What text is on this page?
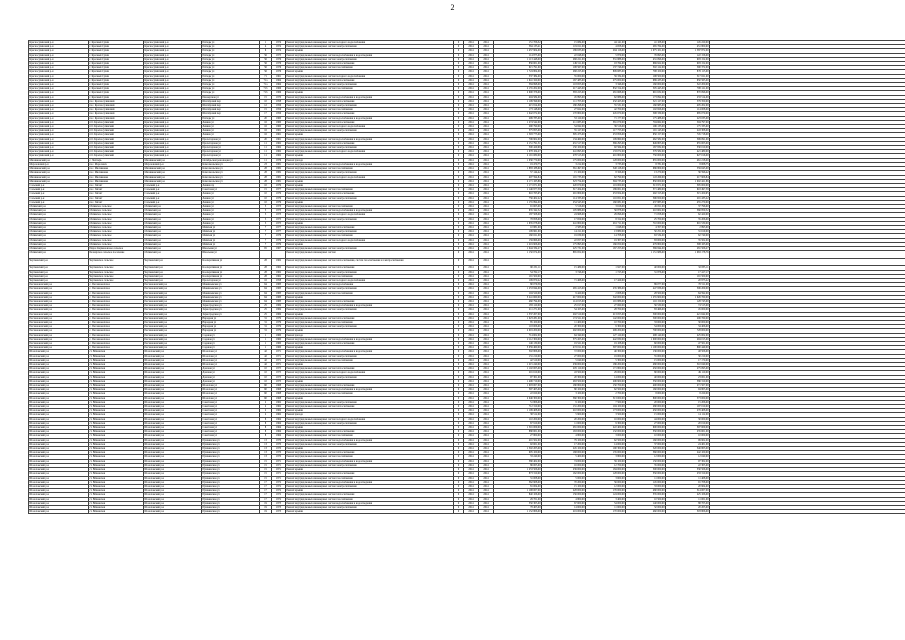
2
Красносулинский р-н	г. Красный Сулин	Красносулинский р-н	Победы ул	1	1974	Ремонт внутридомовых инженерных систем холодного водоснабжения	0	2014	2014	151 706,32	15 084,00	44 141,00	41 108,00	145 220,00	
Красносулинский р-н	г. Красный Сулин	Красносулинский р-н	Победы ул	4	1974	Ремонт внутридомовых инженерных систем электроснабжения	0	2014	2014	364 133,41	119 611,00	4 658,00	265 764,00	451 800,00	
Красносулинский р-н	г. Красный Сулин	Красносулинский р-н	Победы ул	6	1974	Ремонт крыши	0	2014	2014	1 457 904,00	189 633,00	264 116,00	1 075 101,00	1 587 872,00	
Красносулинский р-н	г. Красный Сулин	Красносулинский р-н	Победы ул	56	1975	Ремонт внутридомовых инженерных систем водоснабжения и водоотведения	0	2014	2014	114 875,00	22 048,00	5 879,00	76 693,00	122 156,00	
Красносулинский р-н	г. Красный Сулин	Красносулинский р-н	Победы ул	56	1976	Ремонт внутридомовых инженерных систем электроснабжения	0	2014	2014	1 113 448,00	268 221,00	331 888,00	431 096,00	903 152,00	
Красносулинский р-н	г. Красный Сулин	Красносулинский р-н	Победы ул	56	1976	Ремонт внутридомовых инженерных систем теплоснабжения	0	2014	2014	856 601,00	149 511,00	18 764,00	669 922,00	903 152,00	
Красносулинский р-н	г. Красный Сулин	Красносулинский р-н	Победы ул	56	1976	Ремонт внутридомовых инженерных систем газоснабжения	0	2014	2014	615 791,00	108 567,00	137 746,00	302 122,00	590 372,00	
Красносулинский р-н	г. Красный Сулин	Красносулинский р-н	Победы ул	56	1976	Ремонт крыши	0	2014	2014	1 724 804,00	268 225,00	809 683,00	798 100,00	876 115,00	
Красносулинский р-н	г. Красный Сулин	Красносулинский р-н	Победы ул	71	1961	Ремонт внутридомовых инженерных систем холодного водоснабжения	0	2014	2014	337 384,00	55 000,00	59 334,00	198 500,00	317 021,00	
Красносулинский р-н	г. Красный Сулин	Красносулинский р-н	Победы ул	71а	1964	Ремонт внутридомовых инженерных систем теплоснабжения	0	2014	2014	1 941 320,00	167 483,00	275 000,00	989 433,00	650 565,00	
Красносулинский р-н	г. Красный Сулин	Красносулинский р-н	Победы ул	71а	1964	Ремонт внутридомовых инженерных систем электроснабжения	0	2014	2014	384 998,00	118 653,00	3 346,00	160 000,00	322 200,00	
Красносулинский р-н	г. Красный Сулин	Красносулинский р-н	Победы ул	71б	1966	Ремонт внутридомовых инженерных систем газоснабжения	0	2014	2014	2 155 202,00	217 443,00	832 314,00	305 445,00	708 121,00	
Красносулинский р-н	г. Красный Сулин	Красносулинский р-н	Победы ул	71б	1966	Ремонт крыши	0	2014	2014	2 900 376,00	383 223,00	281 668,00	991 632,00	870 096,00	
Красносулинский р-н	г. Красный Сулин	Красносулинский р-н	Пионерская ул	15	1970	Ремонт внутридомовых инженерных систем водоснабжения и водоотведения	0	2014	2014	404 584,00	45 893,00	62 886,00	173 092,00	233 514,00	
Красносулинский р-н	пос. Красносулинский	Красносулинский р-н	Шахтёрский пер	10	1958	Ремонт внутридомовых инженерных систем теплоснабжения	0	2014	2014	1 109 599,00	111 703,00	232 423,00	521 127,00	579 350,00	
Красносулинский р-н	пос. Красносулинский	Красносулинский р-н	Шахтёрский пер	12	1956	Ремонт внутридомовых инженерных систем электроснабжения	0	2014	2014	415 814,00	180 298,00	55 531,00	160 985,00	405 202,00	
Красносулинский р-н	пос. Красносулинский	Красносулинский р-н	Шахтёрский пер	15	1956	Ремонт внутридомовых инженерных систем газоснабжения	0	2014	2014	173 148,00	27 622,00	42 700,00	102 826,00	114 008,00	
Красносулинский р-н	пос. Красносулинский	Красносулинский р-н	Шахтёрский пер	17	1956	Ремонт внутридомовых инженерных систем теплоснабжения	0	2014	2014	1 042 072,00	170 800,00	245 670,00	598 339,00	685 070,00	
Красносулинский р-н	пос. Красносулинский	Красносулинский р-н	Победы ул	20	1960	Ремонт внутридомовых инженерных систем водоснабжения и водоотведения	0	2014	2014	299 785,00	53 120,00	71 177,00	175 488,00	223 035,00	
Красносулинский р-н	пгт. Красносулинский	Красносулинский р-н	Ленина ул	16	1960	Ремонт внутридомовых инженерных систем теплоснабжения	0	2014	2014	1 274 542,00	211 085,00	381 079,00	704 662,00	504 797,00	
Красносулинский р-н	пгт. Красносулинский	Красносулинский р-н	Ленина ул	16	1960	Ремонт внутридомовых инженерных систем холодного водоснабжения	0	2014	2014	290 790,00	54 842,00	39 516,00	196 133,00	175 335,00	
Красносулинский р-н	пгт. Красносулинский	Красносулинский р-н	Ленина ул	16	1961	Ремонт внутридомовых инженерных систем электроснабжения	0	2014	2014	375 855,00	55 127,00	117 753,00	191 143,00	243 308,00	
Красносулинский р-н	пгт. Красносулинский	Красносулинский р-н	Ленина ул	16	1961	Ремонт крыши	0	2014	2014	1 593 773,00	395 473,00	253 856,00	950 157,00	745 718,00	
Красносулинский р-н	пгт. Красносулинский	Красносулинский р-н	Пролетарская ул	20	1961	Ремонт внутридомовых инженерных систем водоснабжения и водоотведения	0	2014	2014	706 902,00	134 460,00	109 860,00	462 582,00	399 091,00	
Красносулинский р-н	пгт. Красносулинский	Красносулинский р-н	Пролетарская ул	11	1962	Ремонт внутридомовых инженерных систем теплоснабжения	0	2014	2014	2 151 791,51	431 517,00	369 293,00	649 803,00	955 003,00	
Красносулинский р-н	пгт. Красносулинский	Красносулинский р-н	Пролетарская ул	11	1962	Ремонт внутридомовых инженерных систем электроснабжения	0	2014	2014	500 429,99	150 100,00	92 564,00	167 832,00	330 010,00	
Красносулинский р-н	пгт. Красносулинский	Красносулинский р-н	Пролетарская ул	11	1962	Ремонт внутридомовых инженерных систем холодного водоснабжения	0	2014	2014	1 078 104,27	241 695,00	133 072,00	579 582,00	421 480,00	
Красносулинский р-н	пгт. Красносулинский	Красносулинский р-н	Пролетарская ул	11	1962	Ремонт крыши	0	2014	2014	2 191 080,00	278 513,00	401 800,00	750 000,00	927 016,00	
Мясниковский р-н	с. Чалтырь	Мясниковский р-н	Октябрьской революции ул	11	1976	Ремонт фасада	0	2014	2014	1 030 770,00	175 000,00	128 000,00	655 000,00	461 218,00	
Морозовский р-н	пос. Морозовск	Морозовский р-н	Комсомольская ул	23	1981	Ремонт внутридомовых инженерных систем водоснабжения и водоотведения	0	2014	2014	19 470,75	3 212,00	3 733,00	8 781,00	8 008,75	
Мясниковский р-н	пос. Мясниковка	Мясниковский р-н	Комсомольская ул	28	1982	Ремонт внутридомовых инженерных систем газоснабжения	0	2014	2014	1 883 188,60	361 497,00	348 128,00	686 809,00	559 645,00	
Мясниковский р-н	пос. Мясниковка	Мясниковский р-н	Комсомольская ул	28	1982	Ремонт внутридомовых инженерных систем электроснабжения	0	2014	2014	57 144,42	15 100,00	8 326,00	13 270,00	36 596,42	
Мясниковский р-н	пос. Мясниковка	Мясниковский р-н	Комсомольская ул	28	1981	Ремонт внутридомовых инженерных систем холодного водоснабжения	0	2014	2014	407 594,84	101 735,00	62 790,00	143 269,00	217 906,84	
Мясниковский р-н	пос. Мясниковка	Мясниковский р-н	Комсомольская ул	28	1981	Ремонт крыши	0	2014	2014	2 171 163,86	323 754,00	394 735,00	850 000,00	1 002 421,86	
Сальский р-н	пос. Гигант	Сальский р-н	Ленина пр	10	1979	Ремонт крыши	0	2014	2014	1 171 671,00	220 670,00	119 000,00	513 971,00	395 000,00	
Сальский р-н	пос. Гигант	Сальский р-н	Советская ул	15	1977	Ремонт внутридомовых инженерных систем газоснабжения	0	2014	2014	1 146 977,58	317 454,00	189 001,00	371 480,00	618 497,58	
Сальский р-н	пос. Гигант	Сальский р-н	Ленина ул	10	1979	Ремонт внутридомовых инженерных систем теплоснабжения	0	2014	2014	616 763,95	291 809,00	253 954,00	292 313,00	315 450,95	
Сальский р-н	пос. Гигант	Сальский р-н	Ленина ул	10	1979	Ремонт внутридомовых инженерных систем электроснабжения	0	2014	2014	756 402,22	114 333,00	116 651,00	396 950,00	201 433,22	
Сальский р-н	пос. Гигант	Сальский р-н	Ленина ул	10	1979	Ремонт крыши	0	2014	2014	1 155 894,00	254 543,00	160 081,00	437 883,00	455 270,00	
Обливский р-н	Обливское сельское	Обливский р-н	Ленина ул	5	1973	Ремонт внутридомовых инженерных систем газоснабжения	0	2014	2014	91 603,00	5 516,00	3 616,00	45 811,00	37 796,00	
Обливский р-н	Обливское сельское	Обливский р-н	Ленина ул	5	1973	Ремонт внутридомовых инженерных систем водоснабжения и водоотведения	0	2014	2014	635 342,52	105 886,00	56 878,00	210 602,00	366 859,52	
Обливский р-н	Обливское сельское	Обливский р-н	Ленина ул	5	1973	Ремонт внутридомовых инженерных систем холодного водоснабжения	0	2014	2014	187 508,00	24 968,00	29 096,00	71 058,00	62 420,00	
Обливский р-н	Обливское сельское	Обливский р-н	Ленина ул	5	1975	Ремонт внутридомовых инженерных систем электроснабжения	0	2014	2014	78 858,00	17 659,00	8 312,00	25 700,00	35 206,00	
Обливский р-н	Обливское сельское	Обливский р-н	Ленина ул	5	1975	Ремонт крыши	0	2014	2014	1 635 078,00	241 800,00	261 711,00	710 000,00	601 530,00	
Обливский р-н	Обливское сельское	Обливский р-н	Майская ул	7	1977	Ремонт внутридомовых инженерных систем теплоснабжения	0	2014	2014	10 881,00	2 583,00	1 048,00	4 357,00	2 893,00	
Обливский р-н	Обливское сельское	Обливский р-н	Майская ул	7	1977	Ремонт внутридомовых инженерных систем электроснабжения	0	2014	2014	109 961,00	14 211,00	13 880,00	50 251,00	31 619,00	
Обливский р-н	Обливское сельское	Обливский р-н	Майская ул	7	1979	Ремонт внутридомовых инженерных систем газоснабжения	0	2014	2014	160 021,00	19 039,00	14 708,00	63 534,00	62 740,00	
Обливский р-н	Обливское сельское	Обливский р-н	Майская ул	7	1979	Ремонт внутридомовых инженерных систем холодного водоснабжения	0	2014	2014	159 866,00	22 057,00	19 307,00	83 000,00	35 502,00	
Обливский р-н	Обливское сельское	Обливский р-н	Майская ул	7	1979	Ремонт крыши	0	2014	2014	1 219 906,00	175 893,00	166 050,00	479 800,00	398 163,00	
Обливский р-н	Пирог-Кармановское сельское	Обливский р-н	Школьная ул	65	1967	Ремонт внутридомовых инженерных систем электроснабжения	0	2014	2014	1 044 334,27	225 731,00	167 253,00	369 844,00	281 506,27	
Обливский р-н	Белоярское сельское поселение	Обливский р-н	Школьная ул			Ремонт внутридомовых инженерных систем	0	2014	2014	1 150 674,00	865 652,00		1 151 986,00	1 063 178,76	
Чертковский р-н	Чертковское сельское	Чертковский р-н	Кооперативная ул	28	1962	Ремонт внутридомовых инженерных систем теплоснабжения, систем газоснабжения и электроснабжения	0	2014	2014						
Чертковский р-н	Чертковское сельское	Чертковский р-н	Кооперативная ул	28	1962	Ремонт внутридомовых инженерных систем теплоснабжения	0	2014	2014	90 251,11	15 489,00	1 927,00	40 000,00	32 835,11	
Чертковский р-н	Чертковское сельское	Чертковский р-н	Кооперативная ул	28	1962	Ремонт внутридомовых инженерных систем электроснабжения	0	2014	2014	54 762,17	3 746,00	1 723,00	31 876,00	17 417,17	
Чертковский р-н	Чертковское сельское	Чертковский р-н	Кооперативная ул	28	1962	Ремонт внутридомовых инженерных систем газоснабжения	0	2014	2014	191 500,00				191 500,00	
Чертковский р-н	Чертковское сельское	Чертковский р-н	Пролетарская ул	16	1958	Ремонт внутридомовых инженерных систем холодного водоснабжения	0	2014	2014	109 870,22	71 468,00	17 429,00		20 973,22	
Песчанокопский р-н	с. Песчанокопское	Песчанокопский р-н	Мокинаевская ул	64	1983	Ремонт внутридомовых инженерных систем водоснабжения	0	2014	2014	80 079,56			89 077,00	76 511,00	
Песчанокопский р-н	с. Песчанокопское	Песчанокопский р-н	Мокинаевская ул	64	1983	Ремонт внутридомовых инженерных систем электроснабжения	0	2014	2014	1 253 844,00	265 413,00	235 386,00	447 836,00	306 209,00	
Песчанокопский р-н	с. Песчанокопское	Песчанокопский р-н	Мокинаевская ул	64	1983	Ремонт внутридомовых инженерных систем газоснабжения	0	2014	2014	104 520,00	9 420,00	2 008,00	28 500,00	64 592,00	
Песчанокопский р-н	с. Песчанокопское	Песчанокопский р-н	Мокинаевская ул	64	1983	Ремонт крыши	0	2014	2014	3 241 660,00	417 000,00	542 000,00	1 255 900,00	1 026 760,00	
Песчанокопский р-н	с. Песчанокопское	Песчанокопский р-н	Мокинаевская ул	64	1983	Ремонт внутридомовых инженерных систем теплоснабжения	0	2014	2014	460 794,00	114 015,00	101 886,00	116 150,00	128 743,00	
Песчанокопский р-н	с. Песчанокопское	Песчанокопский р-н	Зерноградская ул	25	1984	Ремонт внутридомовых инженерных систем водоснабжения и водоотведения	0	2014	2014	183 120,00	25 017,00	27 060,00	56 530,00	74 513,00	
Песчанокопский р-н	с. Песчанокопское	Песчанокопский р-н	Зерноградская ул	25	1984	Ремонт внутридомовых инженерных систем электроснабжения	0	2014	2014	211 271,00	54 105,00	28 700,00	83 466,00	45 000,00	
Песчанокопский р-н	с. Песчанокопское	Песчанокопский р-н	Зерноградская ул	25	1984	Ремонт крыши	0	2014	2014	1 337 207,00	202 510,00	213 055,00	500 000,00	421 642,00	
Песчанокопский р-н	с. Песчанокопское	Песчанокопский р-н	Народная ул	31	1979	Ремонт внутридомовых инженерных систем теплоснабжения	0	2014	2014	1 023 281,00	174 521,00	142 000,00	500 000,00	206 760,00	
Песчанокопский р-н	с. Песчанокопское	Песчанокопский р-н	Народная ул	31	1979	Ремонт внутридомовых инженерных систем газоснабжения	0	2014	2014	85 100,00	11 400,00	10 700,00	33 000,00	30 000,00	
Песчанокопский р-н	с. Песчанокопское	Песчанокопский р-н	Народная ул	31	1979	Ремонт внутридомовых инженерных систем электроснабжения	0	2014	2014	118 006,00	20 300,00	9 300,00	54 000,00	34 406,00	
Песчанокопский р-н	с. Песчанокопское	Песчанокопский р-н	Народная ул	31	1979	Ремонт крыши	0	2014	2014	2 019 200,00	292 000,00	299 200,00	700 000,00	728 000,00	
Песчанокопский р-н	с. Песчанокопское	Песчанокопский р-н	Садовая ул	1	1960	Ремонт фасада	0	2014	2014	714 602,00	64 340,00	127 120,00	298 140,00	225 002,00	
Песчанокопский р-н	с. Песчанокопское	Песчанокопский р-н	Садовая ул	1	1960	Ремонт внутридомовых инженерных систем водоснабжения и водоотведения	0	2014	2014	2 112 300,00	375 455,00	442 830,00	1 000 000,00	294 015,00	
Песчанокопский р-н	с. Песчанокопское	Песчанокопский р-н	Садовая ул	1	1960	Ремонт внутридомовых инженерных систем теплоснабжения	0	2014	2014	146 130,00	19 521,00	19 108,00	60 000,00	47 501,00	
Песчанокопский р-н	с. Песчанокопское	Песчанокопский р-н	Садовая ул	1	1960	Ремонт крыши	0	2014	2014	3 059 460,00	472 011,00	597 000,00	1 100 000,00	890 449,00	
Шолоховский р-н	ст. Вёшенская	Шолоховский р-н	Шолохова ул	42	1971	Ремонт внутридомовых инженерных систем водоснабжения и водоотведения	0	2014	2014	302 806,00	72 000,00	46 300,00	136 000,00	48 506,00	
Шолоховский р-н	ст. Вёшенская	Шолоховский р-н	Шолохова ул	42	1971	Ремонт внутридомовых инженерных систем электроснабжения	0	2014	2014	131 210,00	27 000,00	19 000,00	55 000,00	30 210,00	
Шолоховский р-н	ст. Вёшенская	Шолоховский р-н	Шолохова ул	42	1971	Ремонт внутридомовых инженерных систем газоснабжения	0	2014	2014	42 510,00	5 040,00	5 300,00	15 000,00	17 170,00	
Шолоховский р-н	ст. Вёшенская	Шолоховский р-н	Шолохова ул	42	1971	Ремонт крыши	0	2014	2014	1 215 240,00	239 000,00	186 200,00	480 000,00	310 040,00	
Шолоховский р-н	ст. Вёшенская	Шолоховский р-н	Донская ул	10	1975	Ремонт внутридомовых инженерных систем теплоснабжения	0	2014	2014	1 102 005,00	205 110,00	171 800,00	450 000,00	275 095,00	
Шолоховский р-н	ст. Вёшенская	Шолоховский р-н	Донская ул	10	1975	Ремонт внутридомовых инженерных систем холодного водоснабжения	0	2014	2014	201 610,00	43 500,00	29 000,00	80 000,00	49 110,00	
Шолоховский р-н	ст. Вёшенская	Шолоховский р-н	Донская ул	10	1975	Ремонт внутридомовых инженерных систем электроснабжения	0	2014	2014	97 301,00	20 300,00	14 000,00	40 000,00	23 001,00	
Шолоховский р-н	ст. Вёшенская	Шолоховский р-н	Донская ул	10	1975	Ремонт крыши	0	2014	2014	1 406 710,00	263 500,00	206 900,00	550 000,00	386 310,00	
Шолоховский р-н	ст. Вёшенская	Шолоховский р-н	Шолохова ул	60	1968	Ремонт внутридомовых инженерных систем теплоснабжения	0	2014	2014	1 003 007,00	180 800,00	150 700,00	400 000,00	271 507,00	
Шолоховский р-н	ст. Вёшенская	Шолоховский р-н	Шолохова ул	60	1968	Ремонт внутридомовых инженерных систем водоснабжения и водоотведения	0	2014	2014	397 405,00	80 100,00	62 500,00	160 000,00	94 805,00	
Шолоховский р-н	ст. Вёшенская	Шолоховский р-н	Шолохова ул	60	1968	Ремонт внутридомовых инженерных систем газоснабжения	0	2014	2014	22 020,00	3 100,00	2 700,00	8 000,00	8 220,00	
Шолоховский р-н	ст. Вёшенская	Шолоховский р-н	Шолохова ул	60	1968	Ремонт крыши	0	2014	2014	2 046 300,00	360 300,00	313 000,00	800 000,00	573 000,00	
Шолоховский р-н	ст. Вёшенская	Шолоховский р-н	Советская ул	2	1962	Ремонт внутридомовых инженерных систем электроснабжения	0	2014	2014	51 806,00	9 100,00	7 500,00	20 000,00	15 206,00	
Шолоховский р-н	ст. Вёшенская	Шолоховский р-н	Советская ул	2	1962	Ремонт внутридомовых инженерных систем теплоснабжения	0	2014	2014	712 310,00	131 200,00	104 100,00	280 000,00	197 010,00	
Шолоховский р-н	ст. Вёшенская	Шолоховский р-н	Советская ул	2	1962	Ремонт крыши	0	2014	2014	1 109 408,00	210 000,00	173 000,00	450 000,00	276 408,00	
Шолоховский р-н	ст. Вёшенская	Шолоховский р-н	Советская ул	2	1962	Ремонт фасада	0	2014	2014	38 512,00	5 900,00	3 500,00	15 000,00	14 112,00	
Шолоховский р-н	ст. Вёшенская	Шолоховский р-н	Советская ул	8	1964	Ремонт внутридомовых инженерных систем холодного водоснабжения	0	2014	2014	110 200,00	20 200,00	16 000,00	44 000,00	30 000,00	
Шолоховский р-н	ст. Вёшенская	Шолоховский р-н	Советская ул	8	1964	Ремонт внутридомовых инженерных систем электроснабжения	0	2014	2014	67 910,00	11 600,00	9 300,00	27 000,00	20 010,00	
Шолоховский р-н	ст. Вёшенская	Шолоховский р-н	Советская ул	8	1964	Ремонт крыши	0	2014	2014	1 501 009,00	281 000,00	222 400,00	600 000,00	397 609,00	
Шолоховский р-н	ст. Вёшенская	Шолоховский р-н	Советская ул	8	1964	Ремонт внутридомовых инженерных систем теплоснабжения	0	2014	2014	880 601,00	163 000,00	132 000,00	350 000,00	235 601,00	
Шолоховский р-н	ст. Вёшенская	Шолоховский р-н	Советская ул	8	1964	Ремонт внутридомовых инженерных систем газоснабжения	0	2014	2014	27 800,00	4 800,00	3 000,00	10 000,00	10 000,00	
Шолоховский р-н	ст. Вёшенская	Шолоховский р-н	Пушкинская ул	13	1970	Ремонт внутридомовых инженерных систем водоснабжения и водоотведения	0	2014	2014	401 502,00	79 100,00	62 500,00	160 000,00	99 902,00	
Шолоховский р-н	ст. Вёшенская	Шолоховский р-н	Пушкинская ул	13	1970	Ремонт внутридомовых инженерных систем электроснабжения	0	2014	2014	92 601,00	17 200,00	14 000,00	37 000,00	24 401,00	
Шолоховский р-н	ст. Вёшенская	Шолоховский р-н	Пушкинская ул	13	1970	Ремонт крыши	0	2014	2014	1 302 203,00	245 100,00	190 300,00	520 000,00	346 803,00	
Шолоховский р-н	ст. Вёшенская	Шолоховский р-н	Пушкинская ул	13	1970	Ремонт внутридомовых инженерных систем теплоснабжения	0	2014	2014	905 100,00	168 000,00	135 000,00	360 000,00	242 100,00	
Шолоховский р-н	ст. Вёшенская	Шолоховский р-н	Пушкинская ул	13	1970	Ремонт внутридомовых инженерных систем газоснабжения	0	2014	2014	33 240,00	5 400,00	3 800,00	12 000,00	12 040,00	
Шолоховский р-н	ст. Вёшенская	Шолоховский р-н	Пушкинская ул	15	1971	Ремонт внутридомовых инженерных систем водоснабжения и водоотведения	0	2014	2014	380 402,00	74 000,00	59 100,00	150 000,00	97 302,00	
Шолоховский р-н	ст. Вёшенская	Шолоховский р-н	Пушкинская ул	15	1971	Ремонт внутридомовых инженерных систем электроснабжения	0	2014	2014	86 005,00	16 000,00	12 700,00	35 000,00	22 305,00	
Шолоховский р-н	ст. Вёшенская	Шолоховский р-н	Пушкинская ул	15	1971	Ремонт крыши	0	2014	2014	1 253 506,00	239 000,00	184 000,00	500 000,00	330 506,00	
Шолоховский р-н	ст. Вёшенская	Шолоховский р-н	Пушкинская ул	15	1971	Ремонт внутридомовых инженерных систем теплоснабжения	0	2014	2014	873 310,00	162 000,00	128 000,00	350 000,00	233 310,00	
Шолоховский р-н	ст. Вёшенская	Шолоховский р-н	Пушкинская ул	15	1971	Ремонт внутридомовых инженерных систем газоснабжения	0	2014	2014	31 008,00	5 000,00	3 600,00	11 000,00	11 408,00	
Шолоховский р-н	ст. Вёшенская	Шолоховский р-н	Пушкинская ул	17	1972	Ремонт внутридомовых инженерных систем водоснабжения и водоотведения	0	2014	2014	362 908,00	70 200,00	56 000,00	145 000,00	91 708,00	
Шолоховский р-н	ст. Вёшенская	Шолоховский р-н	Пушкинская ул	17	1972	Ремонт внутридомовых инженерных систем электроснабжения	0	2014	2014	81 004,00	15 100,00	12 000,00	33 000,00	20 904,00	
Шолоховский р-н	ст. Вёшенская	Шолоховский р-н	Пушкинская ул	17	1972	Ремонт крыши	0	2014	2014	1 198 007,00	228 000,00	176 000,00	480 000,00	314 007,00	
Шолоховский р-н	ст. Вёшенская	Шолоховский р-н	Пушкинская ул	17	1972	Ремонт внутридомовых инженерных систем теплоснабжения	0	2014	2014	840 106,00	156 000,00	124 000,00	335 000,00	225 106,00	
Шолоховский р-н	ст. Вёшенская	Шолоховский р-н	Пушкинская ул	17	1972	Ремонт внутридомовых инженерных систем газоснабжения	0	2014	2014	29 701,00	4 800,00	3 400,00	10 500,00	11 001,00	
Шолоховский р-н	ст. Вёшенская	Шолоховский р-н	Пушкинская ул	19	1973	Ремонт внутридомовых инженерных систем водоснабжения и водоотведения	0	2014	2014	350 305,00	67 600,00	54 000,00	140 000,00	88 705,00	
Шолоховский р-н	ст. Вёшенская	Шолоховский р-н	Пушкинская ул	19	1973	Ремонт внутридомовых инженерных систем электроснабжения	0	2014	2014	78 403,00	14 600,00	11 600,00	32 000,00	20 203,00	
Шолоховский р-н	ст. Вёшенская	Шолоховский р-н	Пушкинская ул	19	1973	Ремонт крыши	0	2014	2014	1 152 806,00	219 000,00	170 000,00	460 000,00	303 806,00	
